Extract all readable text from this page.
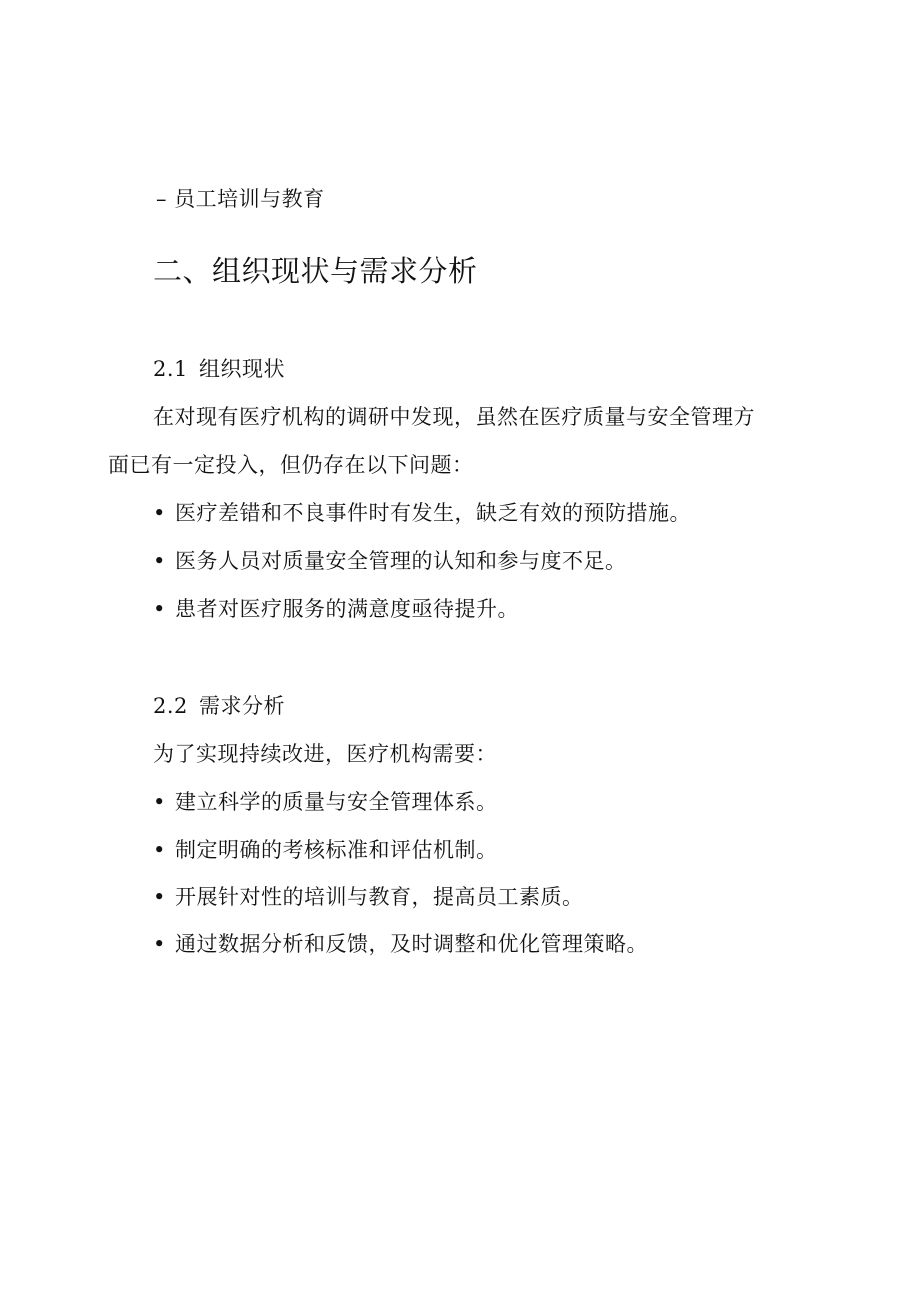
– 员工培训与教育
二、组织现状与需求分析
2.1 组织现状
在对现有医疗机构的调研中发现，虽然在医疗质量与安全管理方
面已有一定投入，但仍存在以下问题：
• 医疗差错和不良事件时有发生，缺乏有效的预防措施。
• 医务人员对质量安全管理的认知和参与度不足。
• 患者对医疗服务的满意度亟待提升。
2.2 需求分析
为了实现持续改进，医疗机构需要：
• 建立科学的质量与安全管理体系。
• 制定明确的考核标准和评估机制。
• 开展针对性的培训与教育，提高员工素质。
• 通过数据分析和反馈，及时调整和优化管理策略。
